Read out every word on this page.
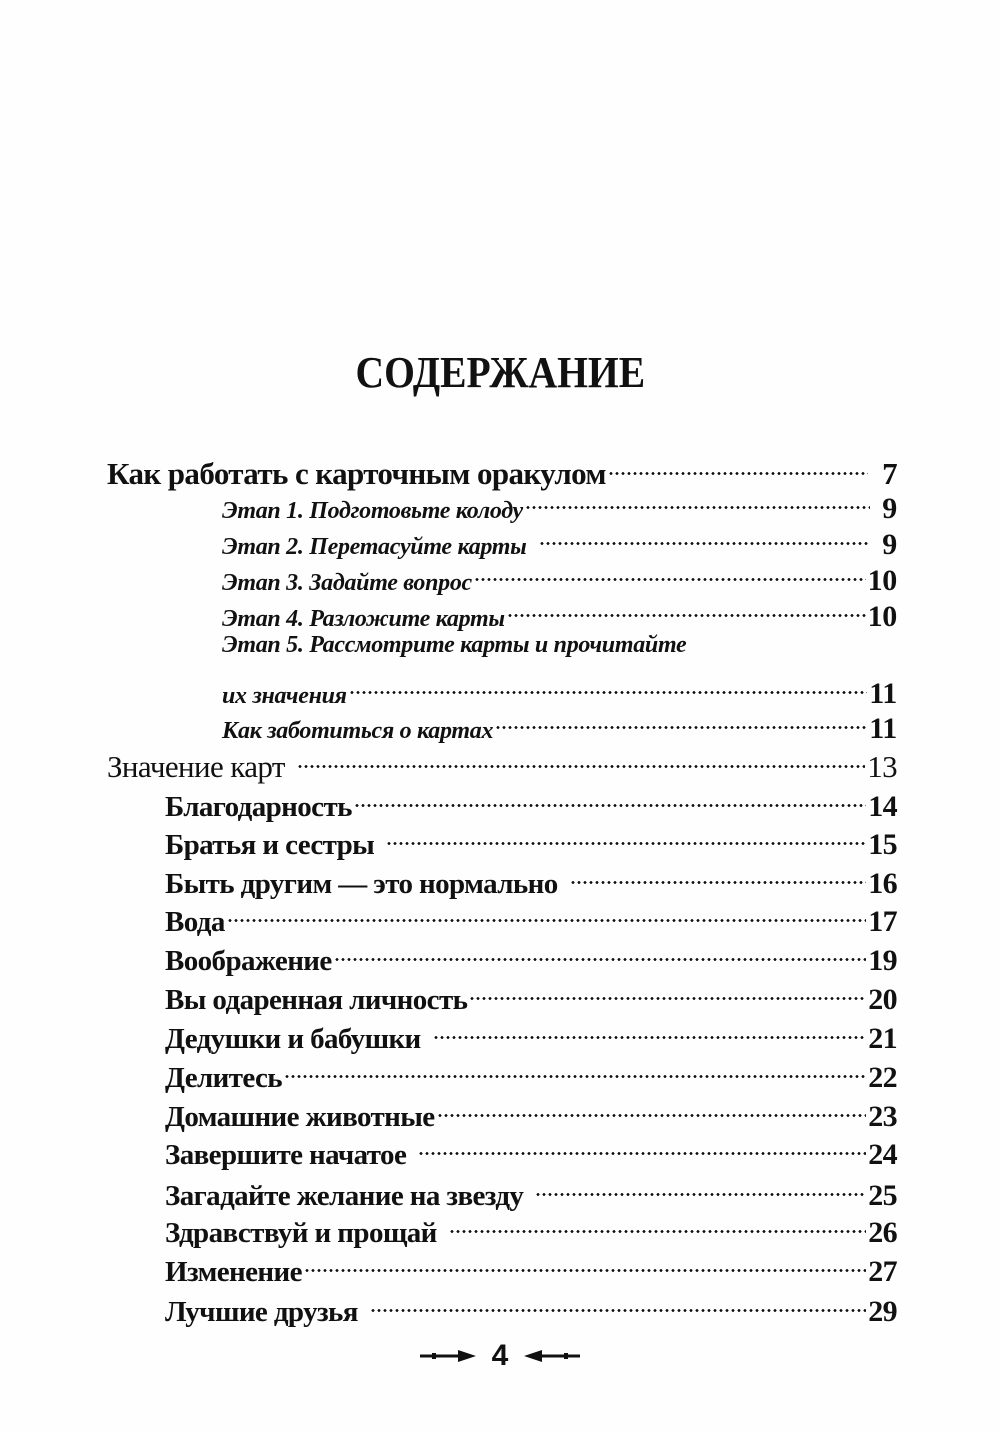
СОДЕРЖАНИЕ
Как работать с карточным оракулом	7
Этап 1. Подготовьте колоду	9
Этап 2. Перетасуйте карты	9
Этап 3. Задайте вопрос	10
Этап 4. Разложите карты	10
Этап 5. Рассмотрите карты и прочитайте
их значения	11
Как заботиться о картах	11
Значение карт	13
Благодарность	14
Братья и сестры	15
Быть другим — это нормально	16
Вода	17
Воображение	19
Вы одаренная личность	20
Дедушки и бабушки	21
Делитесь	22
Домашние животные	23
Завершите начатое	24
Загадайте желание на звезду	25
Здравствуй и прощай	26
Изменение	27
Лучшие друзья	29
4
